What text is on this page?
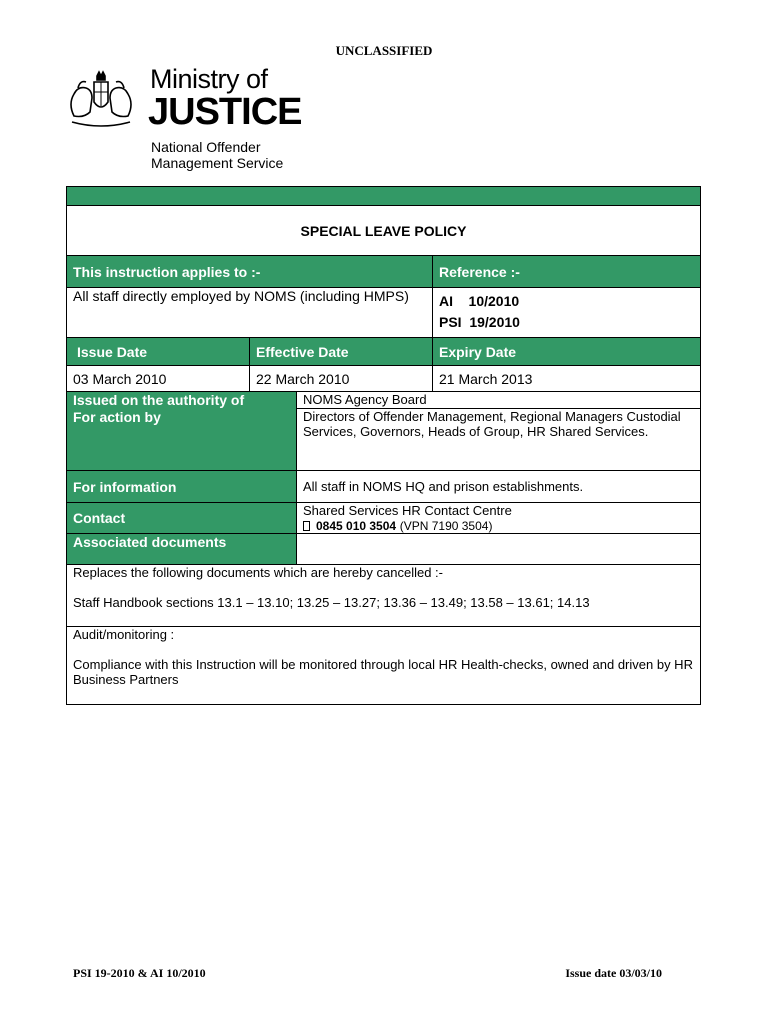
UNCLASSIFIED
Ministry of
JUSTICE
National Offender
Management Service

SPECIAL LEAVE POLICY			
This instruction applies to :-			Reference :-
All staff directly employed by NOMS (including HMPS)			AI    10/2010
PSI  19/2010

Issue Date	Effective Date		Expiry Date
03 March 2010	22 March 2010		21 March 2013
Issued on the authority of		NOMS Agency Board	
For action by		Directors of Offender Management, Regional Managers Custodial Services, Governors, Heads of Group, HR Shared Services.	
For information		All staff in NOMS HQ and prison establishments.	
Contact		Shared Services HR Contact Centre
0845 010 3504 (VPN 7190 3504)	

Associated documents			

Replaces the following documents which are hereby cancelled :-
Staff Handbook sections 13.1 – 13.10; 13.25 – 13.27; 13.36 – 13.49; 13.58 – 13.61; 14.13			

Audit/monitoring :
Compliance with this Instruction will be monitored through local HR Health-checks, owned and driven by HR Business Partners			
PSI 19-2010 & AI 10/2010	Issue date 03/03/10
